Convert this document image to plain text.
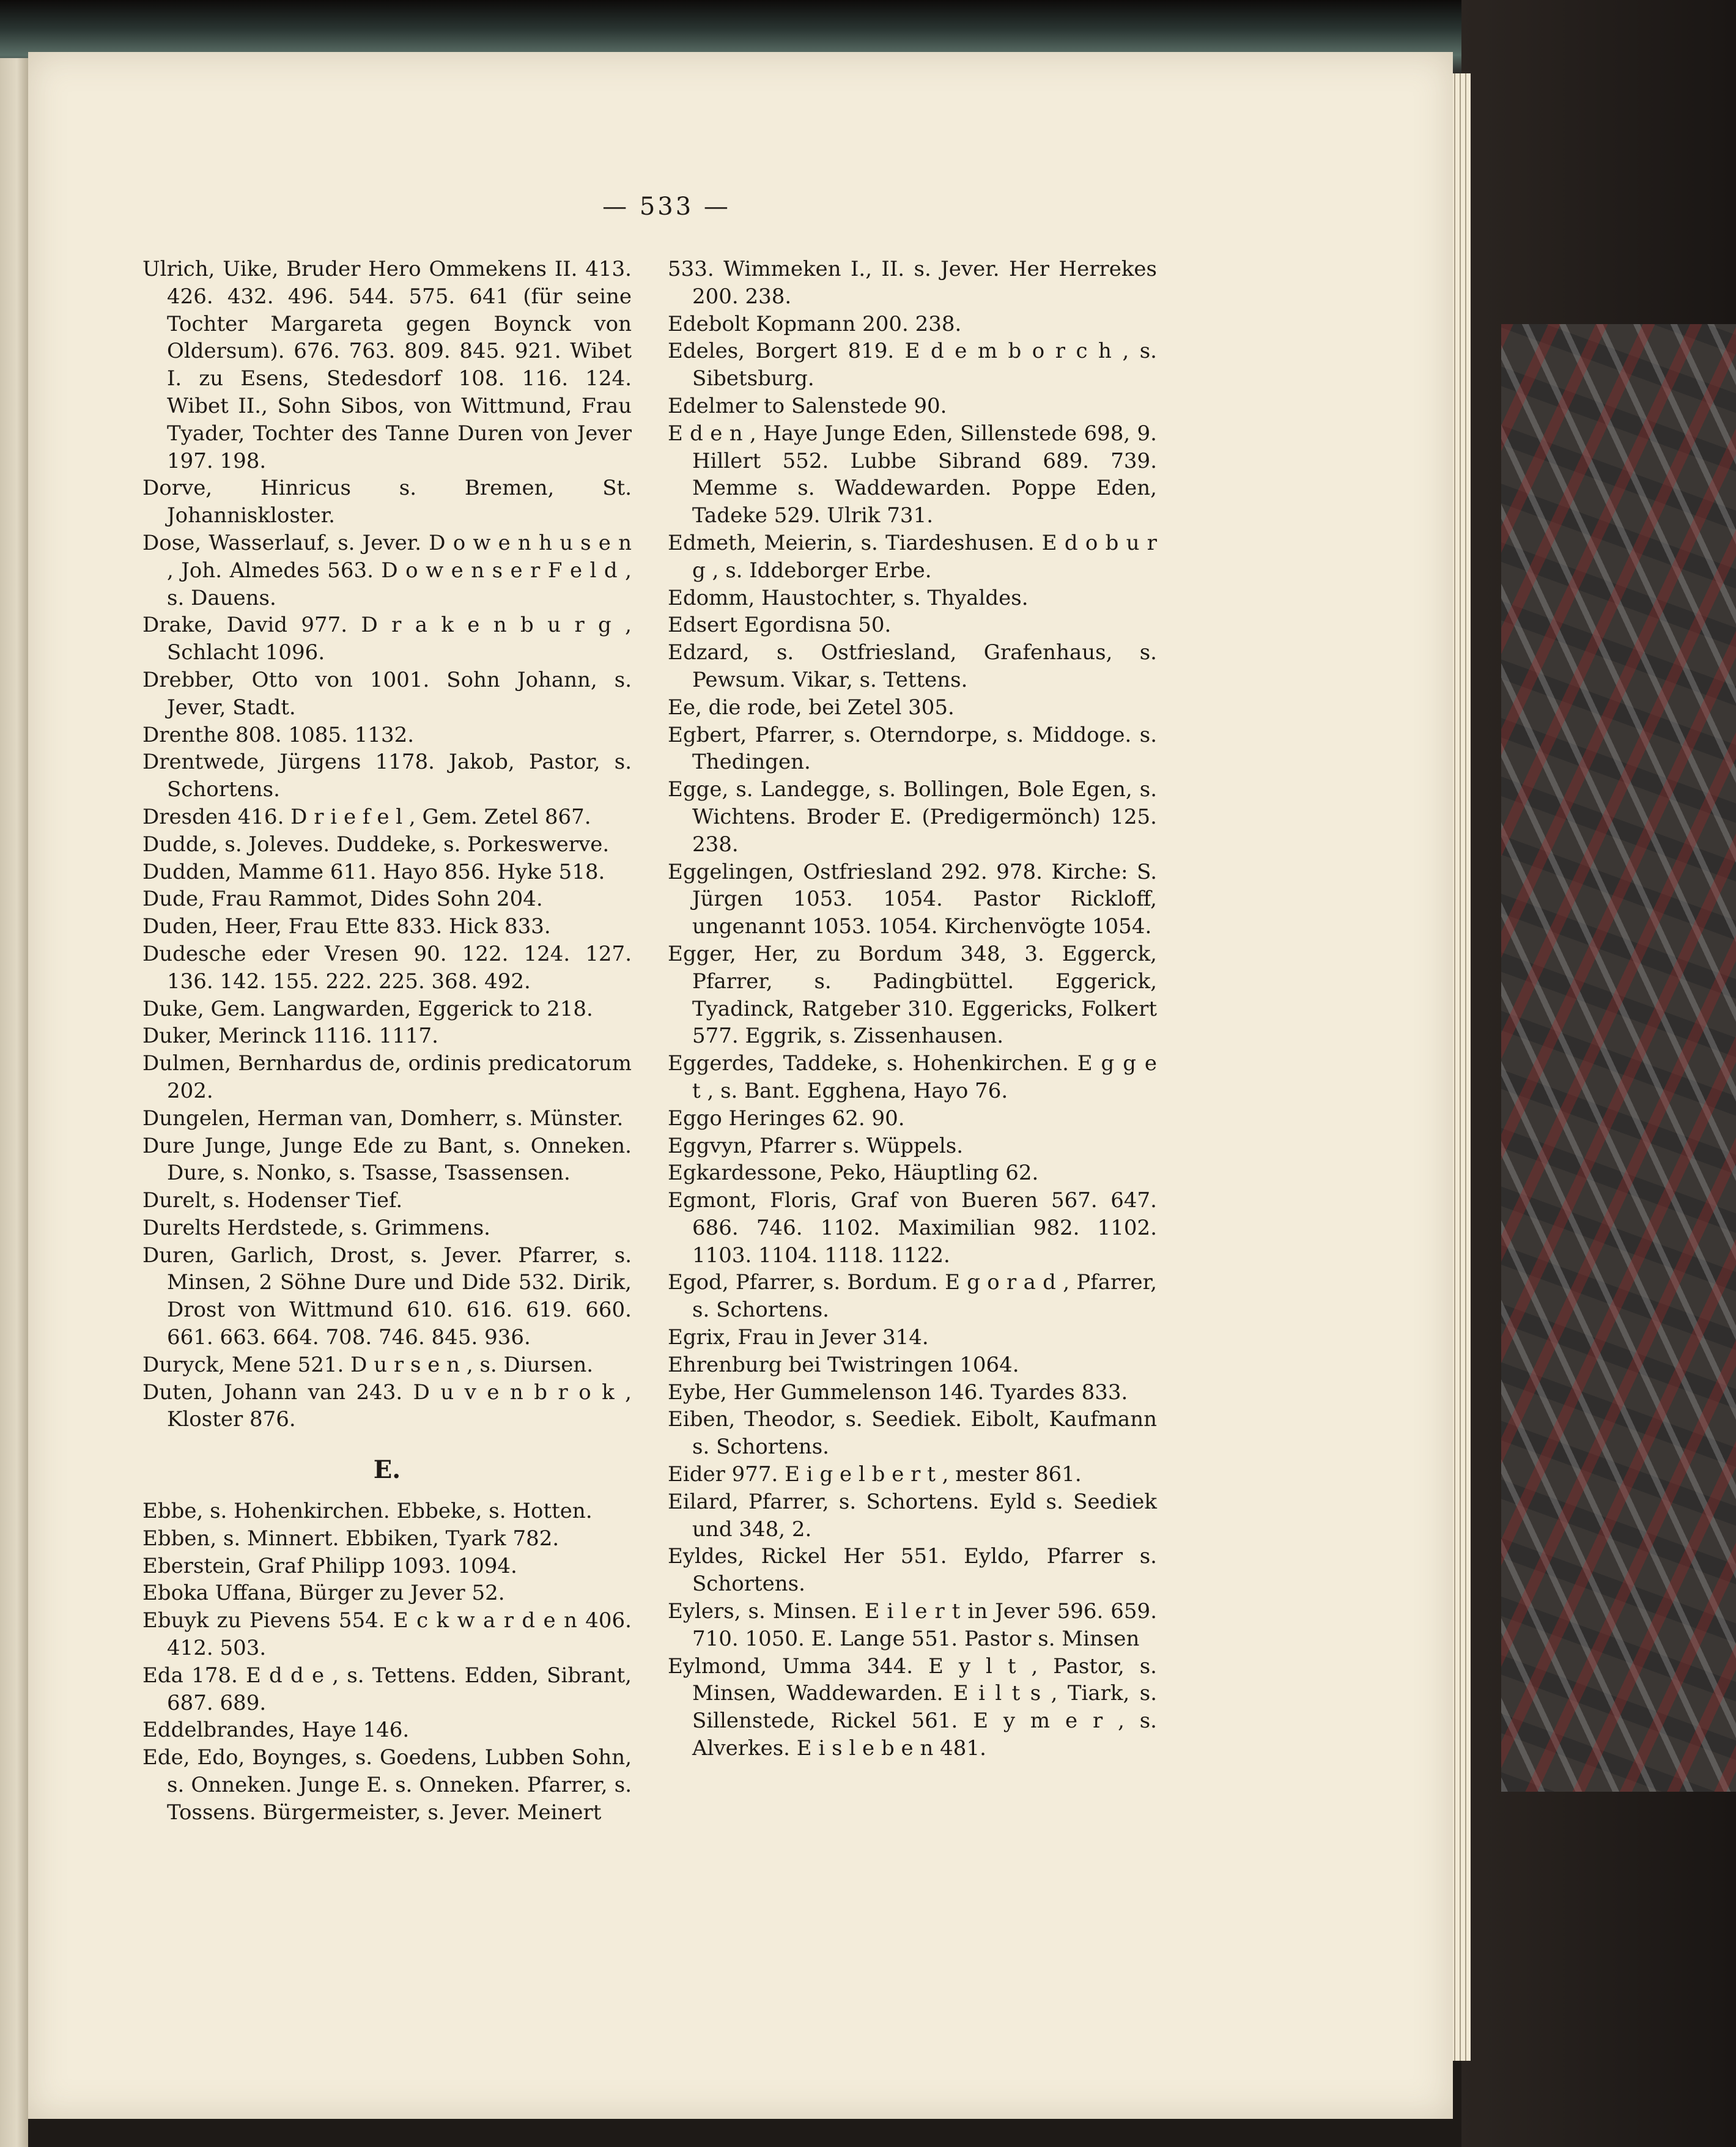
— 533 —

Ulrich, Uike, Bruder Hero Ommekens II. 413. 426. 432. 496. 544. 575. 641 (für seine Tochter Margareta gegen Boynck von Oldersum). 676. 763. 809. 845. 921. Wibet I. zu Esens, Stedesdorf 108. 116. 124. Wibet II., Sohn Sibos, von Wittmund, Frau Tyader, Tochter des Tanne Duren von Jever 197. 198.

Dorve, Hinricus s. Bremen, St. Johanniskloster.

Dose, Wasserlauf, s. Jever. D o w e n h u s e n , Joh. Almedes 563. D o w e n s e r F e l d , s. Dauens.

Drake, David 977. D r a k e n b u r g , Schlacht 1096.

Drebber, Otto von 1001. Sohn Johann, s. Jever, Stadt.

Drenthe 808. 1085. 1132.

Drentwede, Jürgens 1178. Jakob, Pastor, s. Schortens.

Dresden 416. D r i e f e l , Gem. Zetel 867.

Dudde, s. Joleves. Duddeke, s. Porkeswerve.

Dudden, Mamme 611. Hayo 856. Hyke 518.

Dude, Frau Rammot, Dides Sohn 204.

Duden, Heer, Frau Ette 833. Hick 833.

Dudesche eder Vresen 90. 122. 124. 127. 136. 142. 155. 222. 225. 368. 492.

Duke, Gem. Langwarden, Eggerick to 218.

Duker, Merinck 1116. 1117.

Dulmen, Bernhardus de, ordinis predicatorum 202.

Dungelen, Herman van, Domherr, s. Münster.

Dure Junge, Junge Ede zu Bant, s. Onneken. Dure, s. Nonko, s. Tsasse, Tsassensen.

Durelt, s. Hodenser Tief.

Durelts Herdstede, s. Grimmens.

Duren, Garlich, Drost, s. Jever. Pfarrer, s. Minsen, 2 Söhne Dure und Dide 532. Dirik, Drost von Wittmund 610. 616. 619. 660. 661. 663. 664. 708. 746. 845. 936.

Duryck, Mene 521. D u r s e n , s. Diursen.

Duten, Johann van 243. D u v e n b r o k , Kloster 876.

E.

Ebbe, s. Hohenkirchen. Ebbeke, s. Hotten.

Ebben, s. Minnert. Ebbiken, Tyark 782.

Eberstein, Graf Philipp 1093. 1094.

Eboka Uffana, Bürger zu Jever 52.

Ebuyk zu Pievens 554. E c k w a r d e n 406. 412. 503.

Eda 178. E d d e , s. Tettens. Edden, Sibrant, 687. 689.

Eddelbrandes, Haye 146.

Ede, Edo, Boynges, s. Goedens, Lubben Sohn, s. Onneken. Junge E. s. Onneken. Pfarrer, s. Tossens. Bürgermeister, s. Jever. Meinert

533. Wimmeken I., II. s. Jever. Her Herrekes 200. 238.

Edebolt Kopmann 200. 238.

Edeles, Borgert 819. E d e m b o r c h , s. Sibetsburg.

Edelmer to Salenstede 90.

E d e n , Haye Junge Eden, Sillenstede 698, 9. Hillert 552. Lubbe Sibrand 689. 739. Memme s. Waddewarden. Poppe Eden, Tadeke 529. Ulrik 731.

Edmeth, Meierin, s. Tiardeshusen. E d o b u r g , s. Iddeborger Erbe.

Edomm, Haustochter, s. Thyaldes.

Edsert Egordisna 50.

Edzard, s. Ostfriesland, Grafenhaus, s. Pewsum. Vikar, s. Tettens.

Ee, die rode, bei Zetel 305.

Egbert, Pfarrer, s. Oterndorpe, s. Middoge. s. Thedingen.

Egge, s. Landegge, s. Bollingen, Bole Egen, s. Wichtens. Broder E. (Predigermönch) 125. 238.

Eggelingen, Ostfriesland 292. 978. Kirche: S. Jürgen 1053. 1054. Pastor Rickloff, ungenannt 1053. 1054. Kirchenvögte 1054.

Egger, Her, zu Bordum 348, 3. Eggerck, Pfarrer, s. Padingbüttel. Eggerick, Tyadinck, Ratgeber 310. Eggericks, Folkert 577. Eggrik, s. Zissenhausen.

Eggerdes, Taddeke, s. Hohenkirchen. E g g e t , s. Bant. Egghena, Hayo 76.

Eggo Heringes 62. 90.

Eggvyn, Pfarrer s. Wüppels.

Egkardessone, Peko, Häuptling 62.

Egmont, Floris, Graf von Bueren 567. 647. 686. 746. 1102. Maximilian 982. 1102. 1103. 1104. 1118. 1122.

Egod, Pfarrer, s. Bordum. E g o r a d , Pfarrer, s. Schortens.

Egrix, Frau in Jever 314.

Ehrenburg bei Twistringen 1064.

Eybe, Her Gummelenson 146. Tyardes 833.

Eiben, Theodor, s. Seediek. Eibolt, Kaufmann s. Schortens.

Eider 977. E i g e l b e r t , mester 861.

Eilard, Pfarrer, s. Schortens. Eyld s. Seediek und 348, 2.

Eyldes, Rickel Her 551. Eyldo, Pfarrer s. Schortens.

Eylers, s. Minsen. E i l e r t in Jever 596. 659. 710. 1050. E. Lange 551. Pastor s. Minsen

Eylmond, Umma 344. E y l t , Pastor, s. Minsen, Waddewarden. E i l t s , Tiark, s. Sillenstede, Rickel 561. E y m e r , s. Alverkes. E i s l e b e n 481.
